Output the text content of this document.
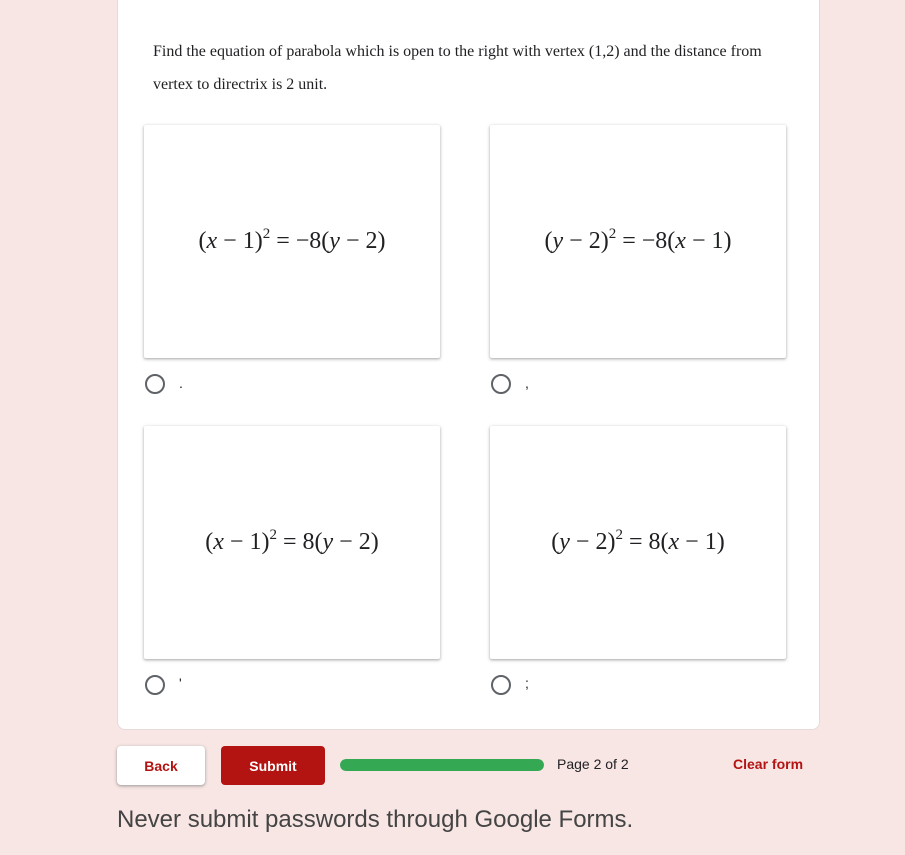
Find the equation of parabola which is open to the right with vertex (1,2) and the distance from vertex to directrix is 2 unit.

$(x - 1)^2 = -8(y - 2)$
.
$(y - 2)^2 = -8(x - 1)$
,
$(x - 1)^2 = 8(y - 2)$
'
$(y - 2)^2 = 8(x - 1)$
;
Back	Submit	Page 2 of 2	Clear form
Never submit passwords through Google Forms.
